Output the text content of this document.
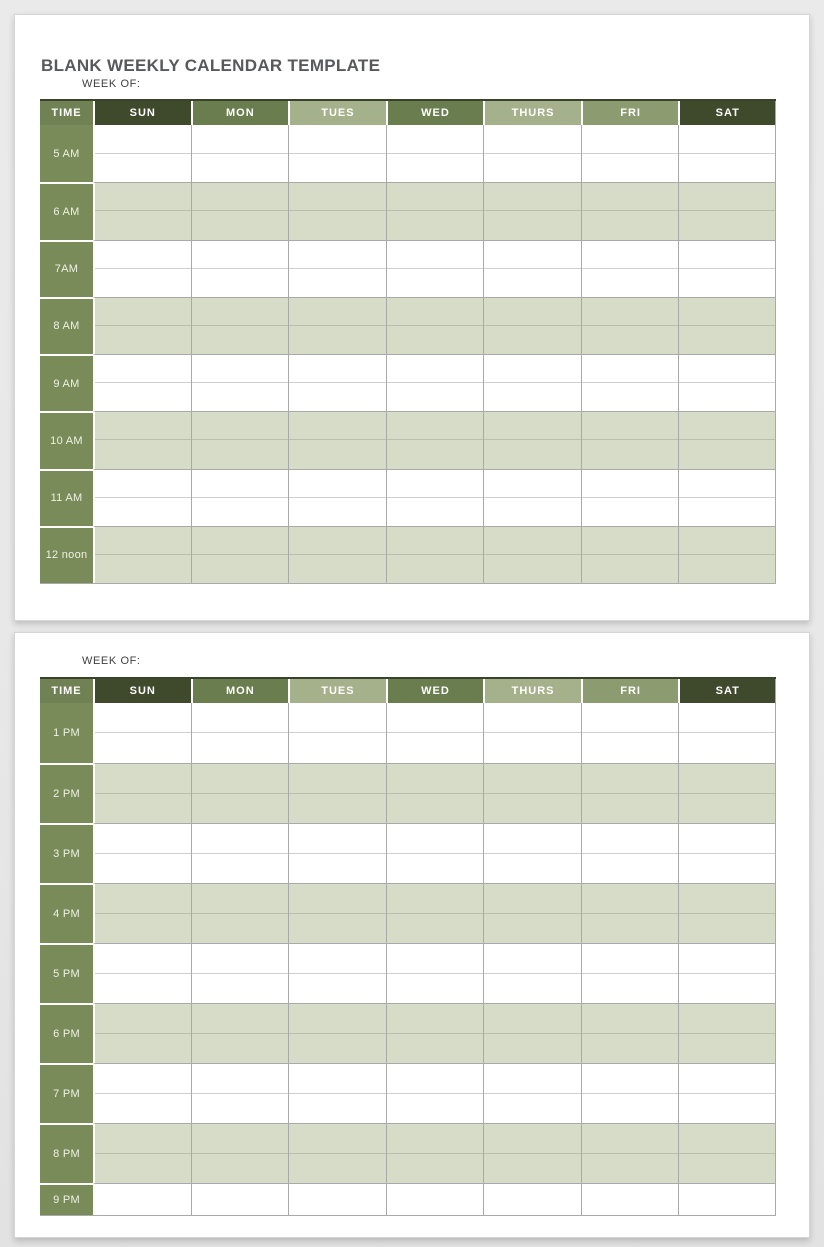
BLANK WEEKLY CALENDAR TEMPLATE
WEEK OF:
TIME	SUN	MON	TUES	WED	THURS	FRI	SAT
5 AM
6 AM
7AM
8 AM
9 AM
10 AM
11 AM
12 noon
WEEK OF:
TIME	SUN	MON	TUES	WED	THURS	FRI	SAT
1 PM
2 PM
3 PM
4 PM
5 PM
6 PM
7 PM
8 PM
9 PM
